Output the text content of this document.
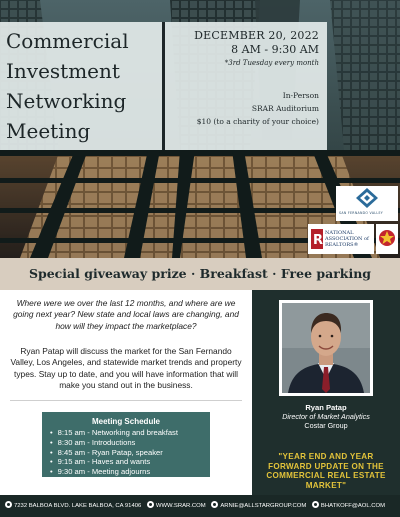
Commercial
Investment
Networking
Meeting
DECEMBER 20, 2022
8 AM - 9:30 AM
*3rd Tuesday every month
In-Person
SRAR Auditorium
$10 (to a charity of your choice)
SAN FERNANDO VALLEY
R NATIONAL
ASSOCIATION of
REALTORS®
Special giveaway prize · Breakfast · Free parking

Where were we over the last 12 months, and where are we going next year? New state and local laws are changing, and how will they impact the marketplace?

Ryan Patap will discuss the market for the San Fernando Valley, Los Angeles, and statewide market trends and property types. Stay up to date, and you will have information that will make you stand out in the business.

Meeting Schedule
• 8:15 am - Networking and breakfast
• 8:30 am - Introductions
• 8:45 am - Ryan Patap, speaker
• 9:15 am - Haves and wants
• 9:30 am - Meeting adjourns
Ryan Patap
Director of Market Analytics
Costar Group
"YEAR END AND YEAR FORWARD UPDATE ON THE COMMERCIAL REAL ESTATE MARKET"
7232 BALBOA BLVD. LAKE BALBOA, CA 91406 WWW.SRAR.COM ARNIE@ALLSTARGROUP.COM BHATKOFF@AOL.COM
